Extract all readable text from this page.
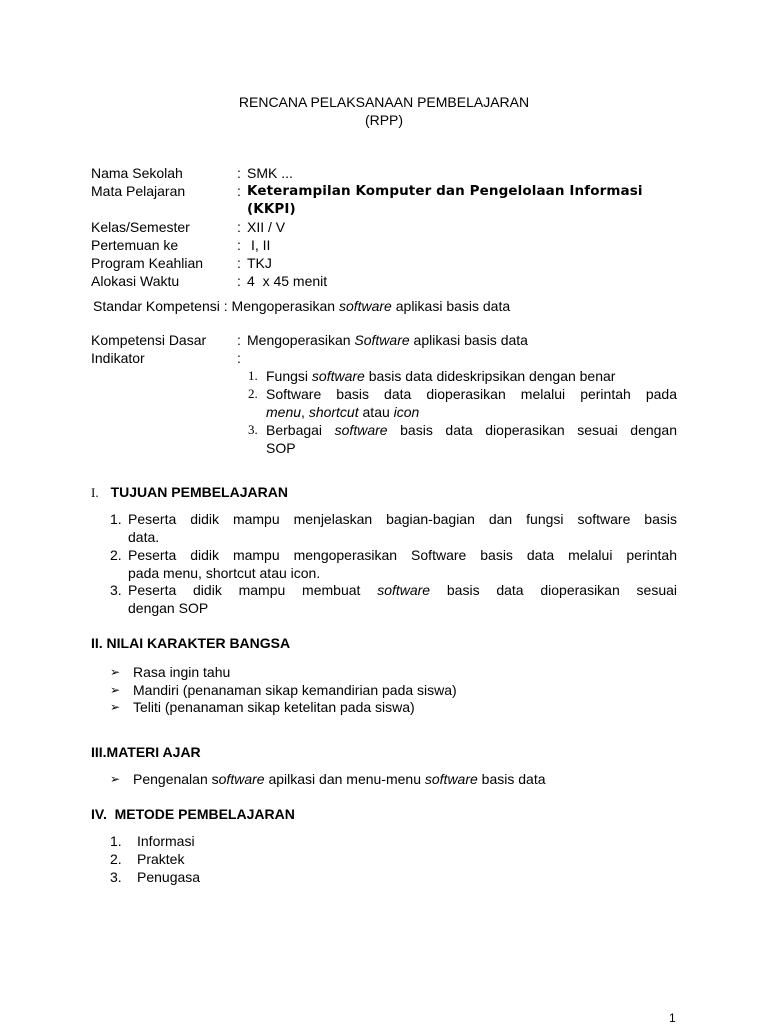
RENCANA PELAKSANAAN PEMBELAJARAN
(RPP)
Nama Sekolah	: SMK ...
Mata Pelajaran	: Keterampilan Komputer dan Pengelolaan Informasi
(KKPI)
Kelas/Semester	: XII / V
Pertemuan ke	: I, II
Program Keahlian : TKJ
Alokasi Waktu	: 4  x 45 menit
Standar Kompetensi : Mengoperasikan software aplikasi basis data
Kompetensi Dasar : Mengoperasikan Software aplikasi basis data
Indikator	:
1. Fungsi software basis data dideskripsikan dengan benar
2. Software basis data dioperasikan melalui perintah pada
menu, shortcut atau icon
3. Berbagai software basis data dioperasikan sesuai dengan
SOP
I. TUJUAN PEMBELAJARAN
1. Peserta didik mampu menjelaskan bagian-bagian dan fungsi software basis
data.
2. Peserta didik mampu mengoperasikan Software basis data melalui perintah
pada menu, shortcut atau icon.
3. Peserta didik mampu membuat software basis data dioperasikan sesuai
dengan SOP
II. NILAI KARAKTER BANGSA
➢ Rasa ingin tahu
➢ Mandiri (penanaman sikap kemandirian pada siswa)
➢ Teliti (penanaman sikap ketelitan pada siswa)
III.MATERI AJAR
➢ Pengenalan software apilkasi dan menu-menu software basis data
IV.  METODE PEMBELAJARAN
1. Informasi
2. Praktek
3. Penugasa
1
